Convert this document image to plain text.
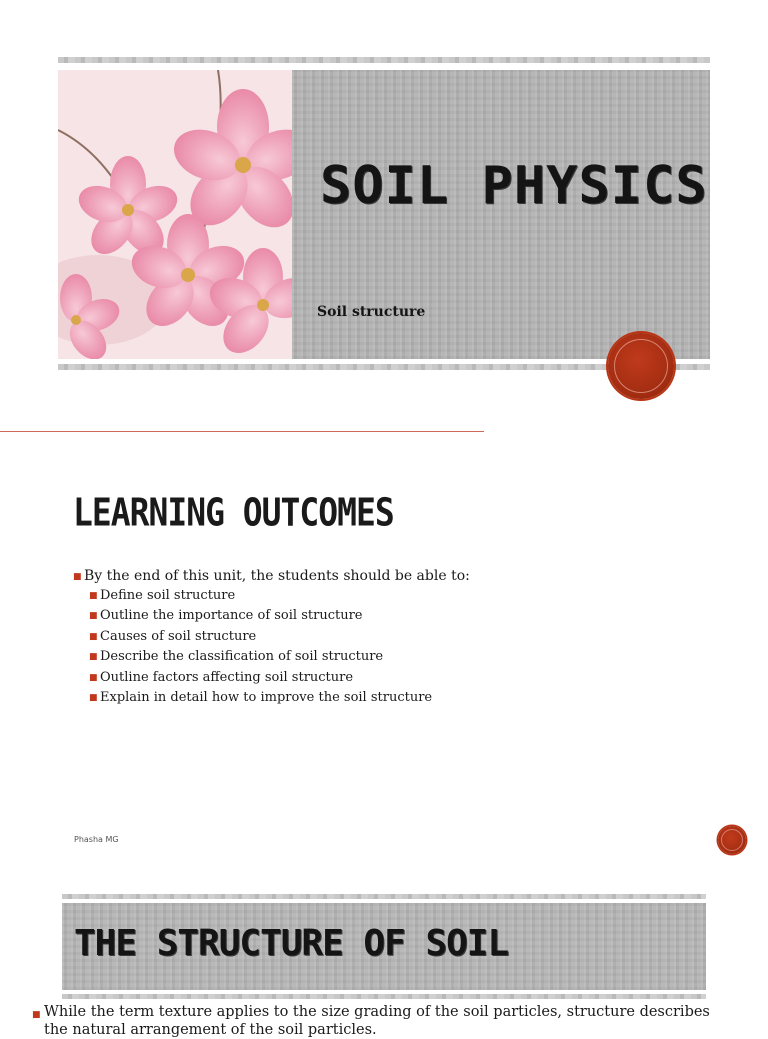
SOIL PHYSICS

Soil structure

LEARNING OUTCOMES
■ By the end of this unit, the students should be able to:
■ Define soil structure
■ Outline the importance of soil structure
■ Causes of soil structure
■ Describe the classification of soil structure
■ Outline factors affecting soil structure
■ Explain in detail how to improve the soil structure
Phasha MG
THE STRUCTURE OF SOIL

■ While the term texture applies to the size grading of the soil particles, structure describes the natural arrangement of the soil particles.
